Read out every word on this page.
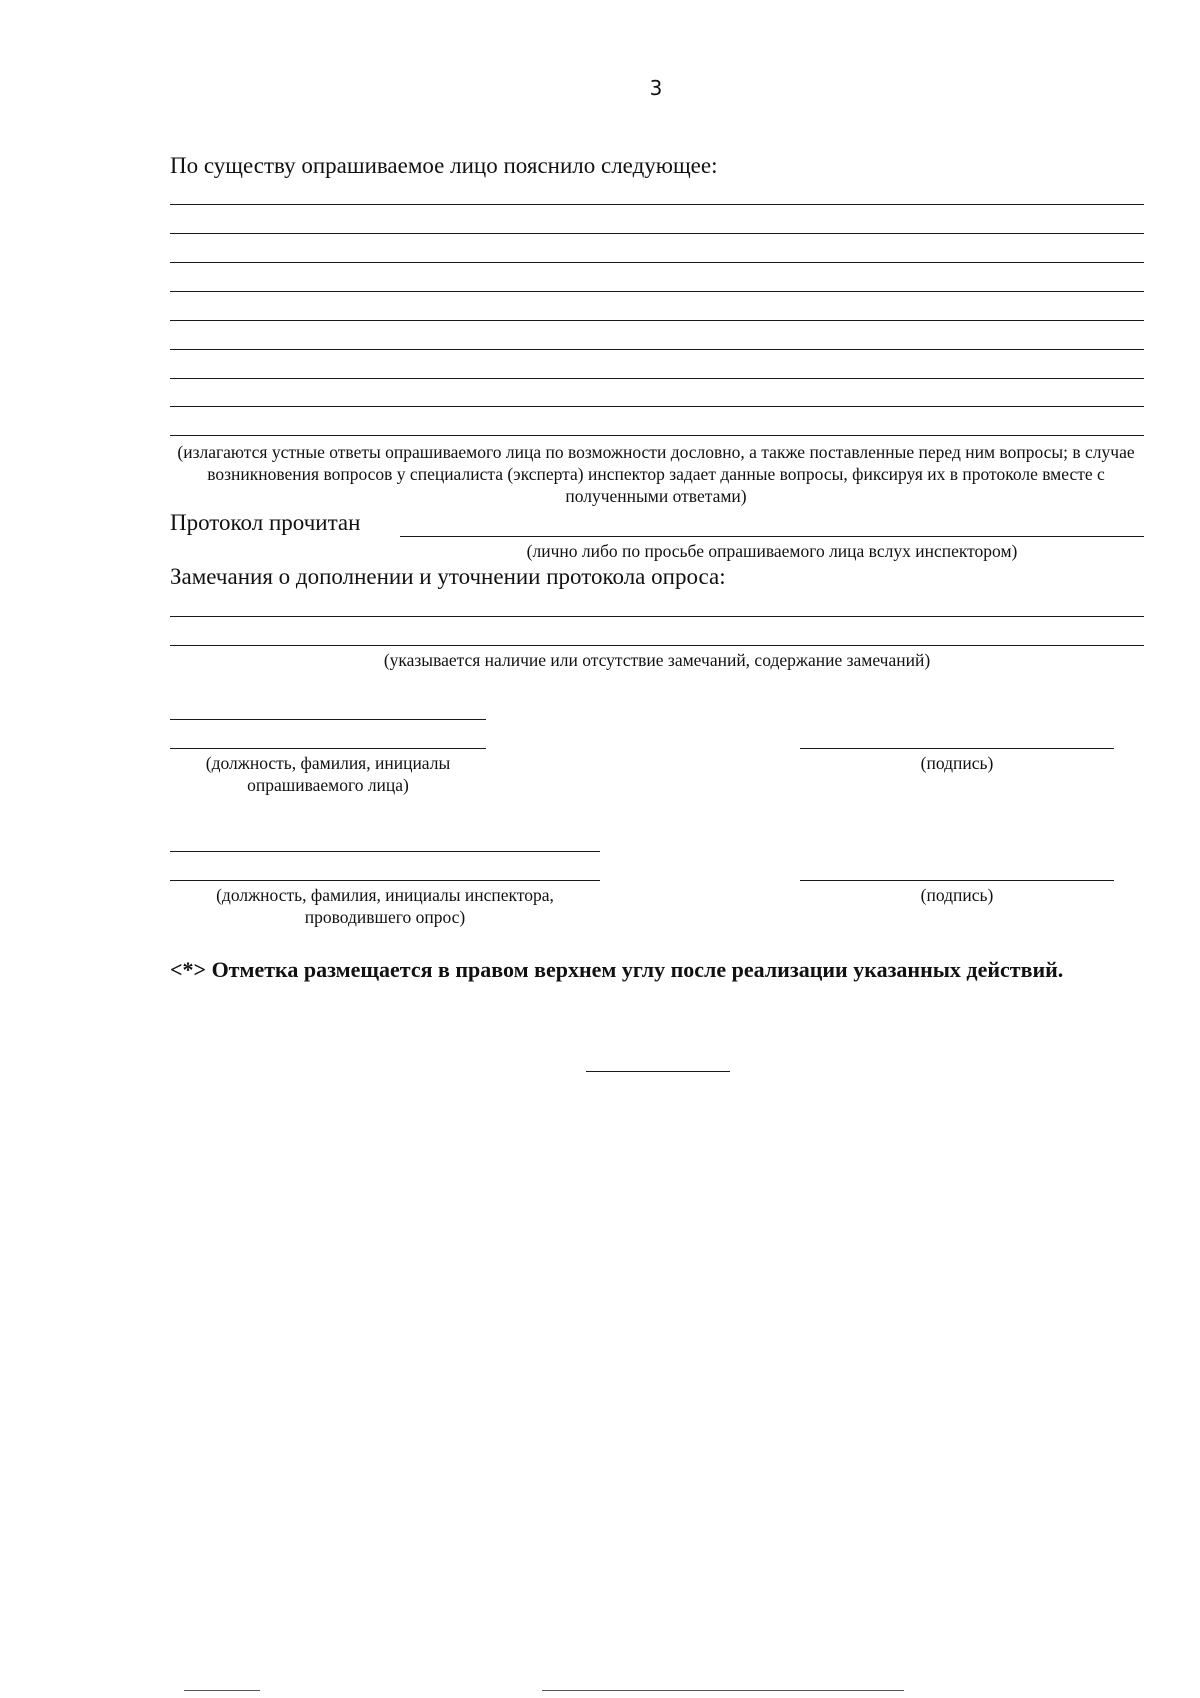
3
По существу опрашиваемое лицо пояснило следующее:
(излагаются устные ответы опрашиваемого лица по возможности дословно, а также поставленные перед ним вопросы; в случае возникновения вопросов у специалиста (эксперта) инспектор задает данные вопросы, фиксируя их в протоколе вместе с полученными ответами)
Протокол прочитан
(лично либо по просьбе опрашиваемого лица вслух инспектором)
Замечания о дополнении и уточнении протокола опроса:
(указывается наличие или отсутствие замечаний, содержание замечаний)
(должность, фамилия, инициалы опрашиваемого лица)
(подпись)
(должность, фамилия, инициалы инспектора, проводившего опрос)
(подпись)
<*> Отметка размещается в правом верхнем углу после реализации указанных действий.
